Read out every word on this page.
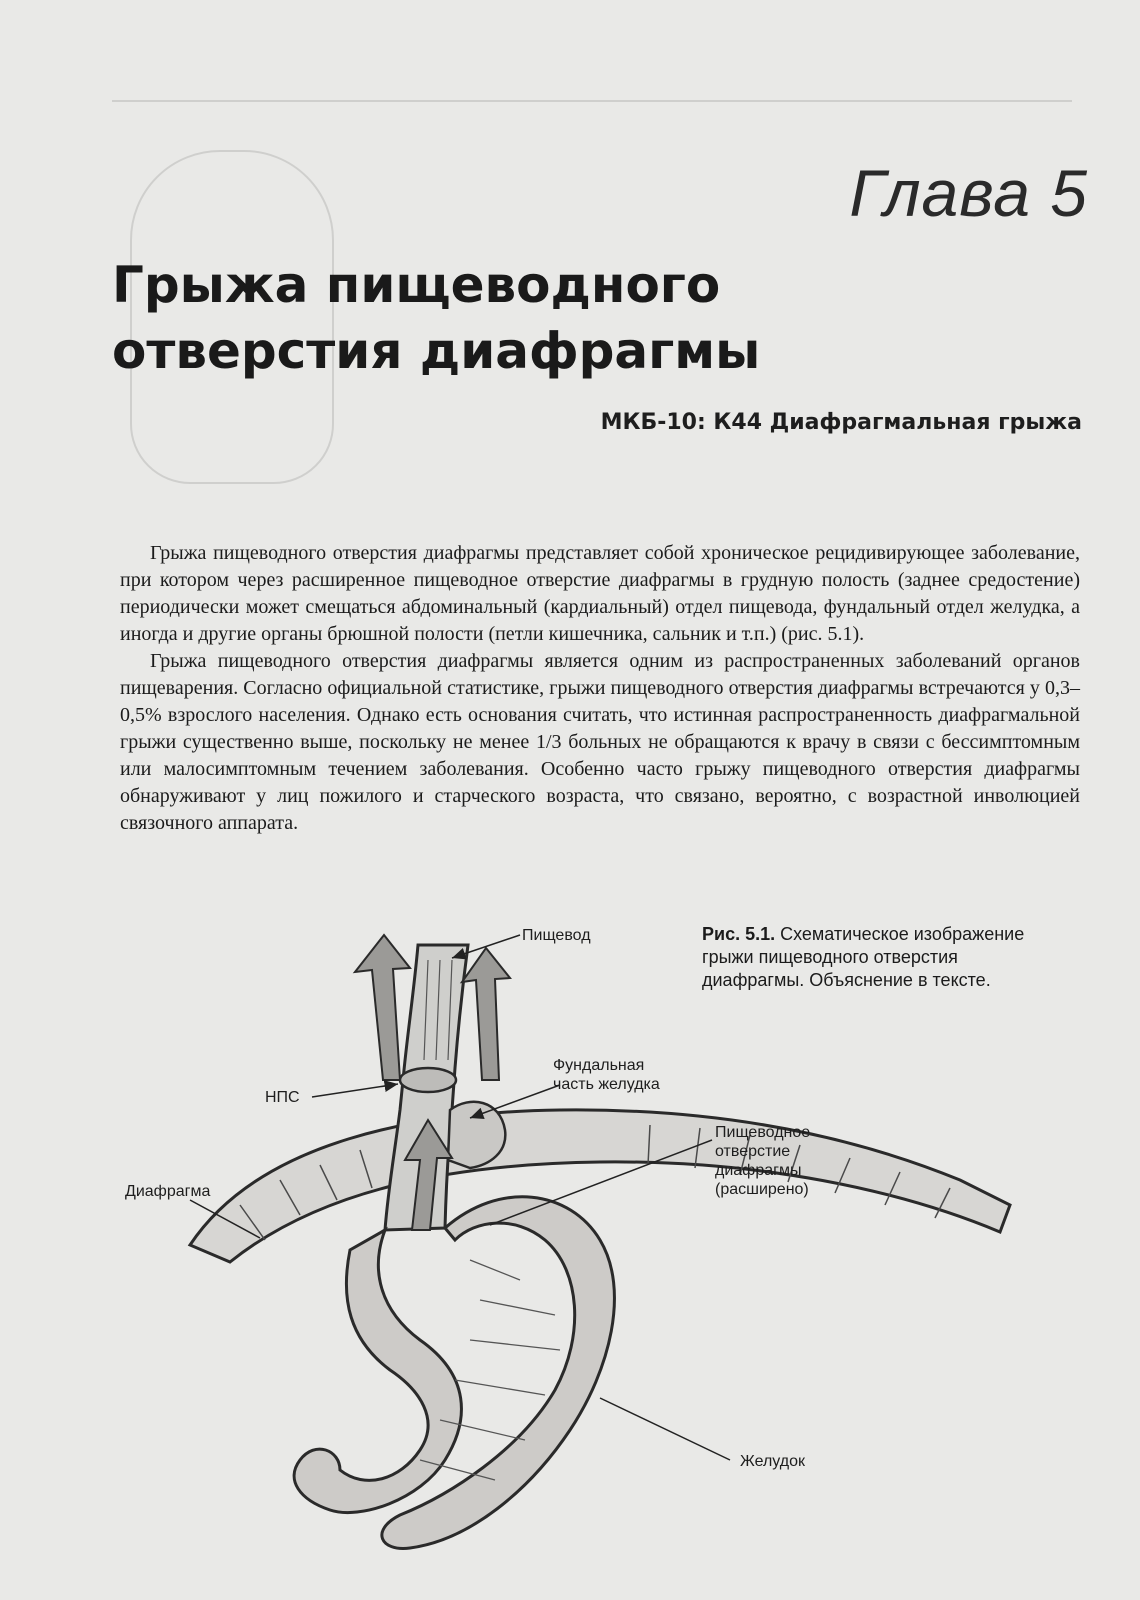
Глава 5
Грыжа пищеводного
отверстия диафрагмы
МКБ-10: К44 Диафрагмальная грыжа

Грыжа пищеводного отверстия диафрагмы представляет собой хроническое рецидивирующее заболевание, при котором через расширенное пищеводное отверстие диафрагмы в грудную полость (заднее средостение) периодически может смещаться абдоминальный (кардиальный) отдел пищевода, фундальный отдел желудка, а иногда и другие органы брюшной полости (петли кишечника, сальник и т.п.) (рис. 5.1).

Грыжа пищеводного отверстия диафрагмы является одним из распространенных заболеваний органов пищеварения. Согласно официальной статистике, грыжи пищеводного отверстия диафрагмы встречаются у 0,3–0,5% взрослого населения. Однако есть основания считать, что истинная распространенность диафрагмальной грыжи существенно выше, поскольку не менее 1/3 больных не обращаются к врачу в связи с бессимптомным или малосимптомным течением заболевания. Особенно часто грыжу пищеводного отверстия диафрагмы обнаруживают у лиц пожилого и старческого возраста, что связано, вероятно, с возрастной инволюцией связочного аппарата.

Рис. 5.1. Схематическое изображение грыжи пищеводного отверстия диафрагмы. Объяснение в тексте.
Пищевод
НПС
Фундальная
часть желудка
Пищеводное
отверстие
диафрагмы
(расширено)
Диафрагма
Желудок
